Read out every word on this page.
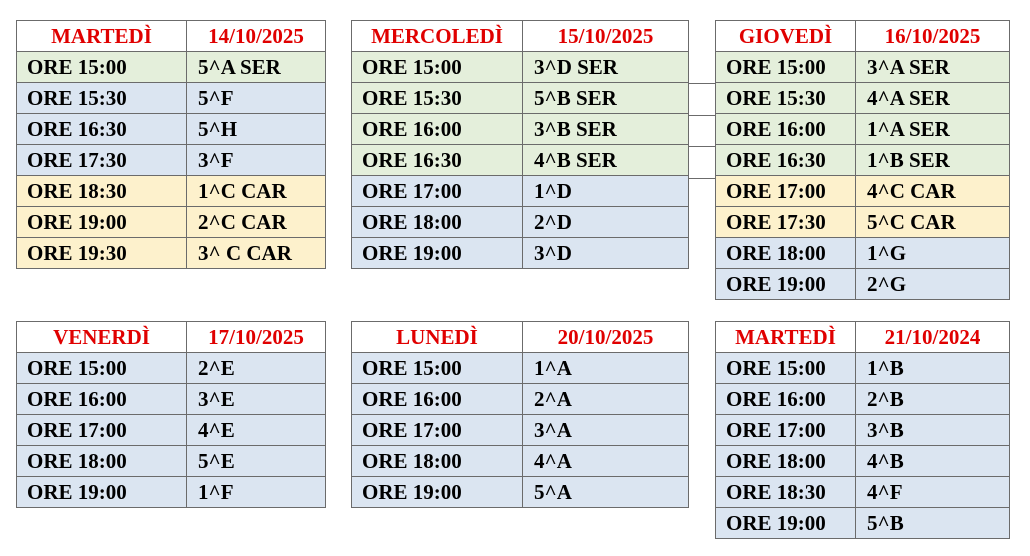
MARTEDÌ	14/10/2025
ORE 15:00	5^A SER
ORE 15:30	5^F
ORE 16:30	5^H
ORE 17:30	3^F
ORE 18:30	1^C CAR
ORE 19:00	2^C CAR
ORE 19:30	3^ C CAR
MERCOLEDÌ	15/10/2025
ORE 15:00	3^D SER
ORE 15:30	5^B SER
ORE 16:00	3^B SER
ORE 16:30	4^B SER
ORE 17:00	1^D
ORE 18:00	2^D
ORE 19:00	3^D
GIOVEDÌ	16/10/2025
ORE 15:00	3^A SER
ORE 15:30	4^A SER
ORE 16:00	1^A SER
ORE 16:30	1^B SER
ORE 17:00	4^C CAR
ORE 17:30	5^C CAR
ORE 18:00	1^G
ORE 19:00	2^G
VENERDÌ	17/10/2025
ORE 15:00	2^E
ORE 16:00	3^E
ORE 17:00	4^E
ORE 18:00	5^E
ORE 19:00	1^F
LUNEDÌ	20/10/2025
ORE 15:00	1^A
ORE 16:00	2^A
ORE 17:00	3^A
ORE 18:00	4^A
ORE 19:00	5^A
MARTEDÌ	21/10/2024
ORE 15:00	1^B
ORE 16:00	2^B
ORE 17:00	3^B
ORE 18:00	4^B
ORE 18:30	4^F
ORE 19:00	5^B
